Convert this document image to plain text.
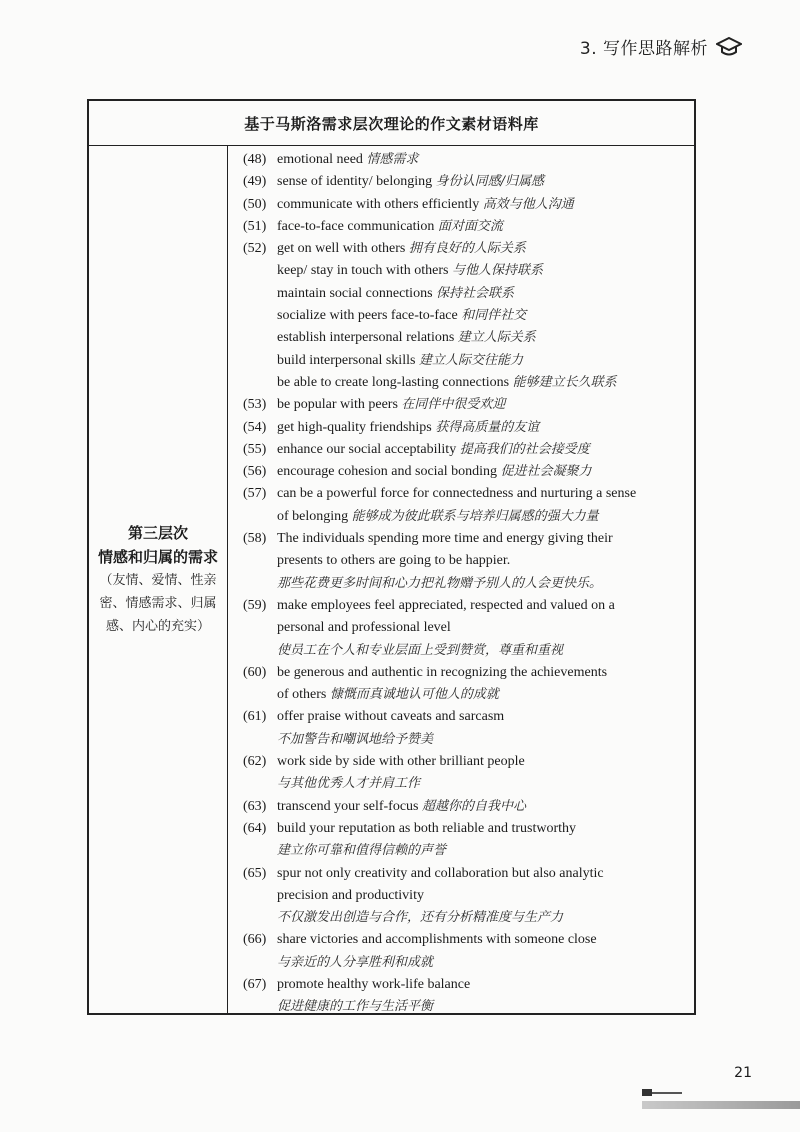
3. 写作思路解析
基于马斯洛需求层次理论的作文素材语料库
第三层次
情感和归属的需求
（友情、爱情、性亲密、情感需求、归属感、内心的充实）
(48) emotional need 情感需求
(49) sense of identity/ belonging 身份认同感/归属感
(50) communicate with others efficiently 高效与他人沟通
(51) face-to-face communication 面对面交流
(52) get on well with others 拥有良好的人际关系
keep/ stay in touch with others 与他人保持联系
maintain social connections 保持社会联系
socialize with peers face-to-face 和同伴社交
establish interpersonal relations 建立人际关系
build interpersonal skills 建立人际交往能力
be able to create long-lasting connections 能够建立长久联系
(53) be popular with peers 在同伴中很受欢迎
(54) get high-quality friendships 获得高质量的友谊
(55) enhance our social acceptability 提高我们的社会接受度
(56) encourage cohesion and social bonding 促进社会凝聚力
(57) can be a powerful force for connectedness and nurturing a sense
of belonging 能够成为彼此联系与培养归属感的强大力量
(58) The individuals spending more time and energy giving their
presents to others are going to be happier.
那些花费更多时间和心力把礼物赠予别人的人会更快乐。
(59) make employees feel appreciated, respected and valued on a
personal and professional level
使员工在个人和专业层面上受到赞赏，尊重和重视
(60) be generous and authentic in recognizing the achievements
of others 慷慨而真诚地认可他人的成就
(61) offer praise without caveats and sarcasm
不加警告和嘲讽地给予赞美
(62) work side by side with other brilliant people
与其他优秀人才并肩工作
(63) transcend your self-focus 超越你的自我中心
(64) build your reputation as both reliable and trustworthy
建立你可靠和值得信赖的声誉
(65) spur not only creativity and collaboration but also analytic
precision and productivity
不仅激发出创造与合作，还有分析精准度与生产力
(66) share victories and accomplishments with someone close
与亲近的人分享胜利和成就
(67) promote healthy work-life balance
促进健康的工作与生活平衡
21
